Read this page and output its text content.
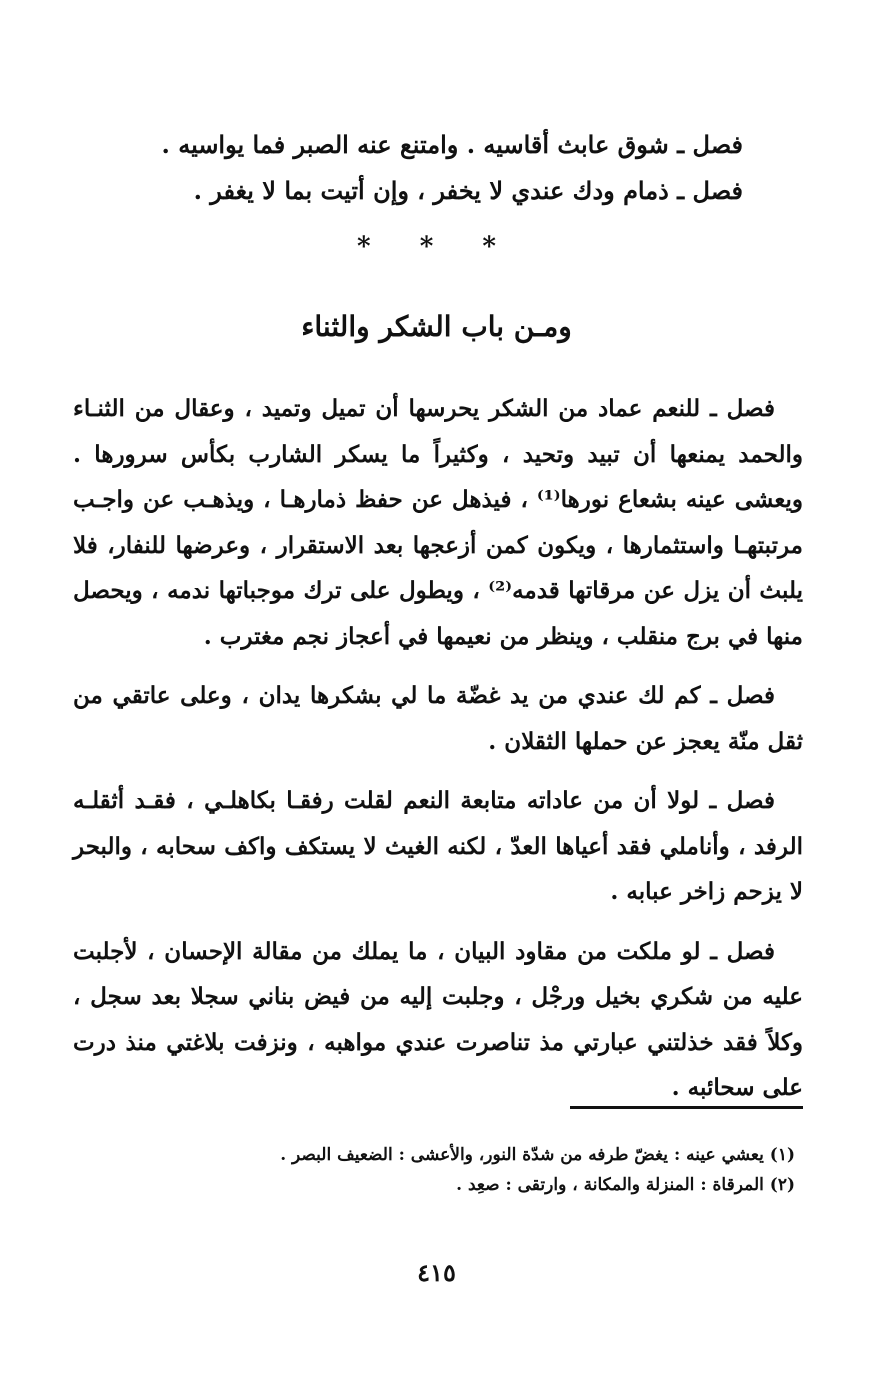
فصل ـ شوق عابث أقاسيه . وامتنع عنه الصبر فما يواسيه .
فصل ـ ذمام ودك عندي لا يخفر ، وإن أتيت بما لا يغفر .
* * *
ومـن باب الشكر والثناء

فصل ـ للنعم عماد من الشكر يحرسها أن تميل وتميد ، وعقال من الثنـاء والحمد يمنعها أن تبيد وتحيد ، وكثيراً ما يسكر الشارب بكأس سرورها . ويعشى عينه بشعاع نورها⁽¹⁾ ، فيذهل عن حفظ ذمارهـا ، ويذهـب عن واجـب مرتبتهـا واستثمارها ، ويكون كمن أزعجها بعد الاستقرار ، وعرضها للنفار، فلا يلبث أن يزل عن مرقاتها قدمه⁽²⁾ ، ويطول على ترك موجباتها ندمه ، ويحصل منها في برج منقلب ، وينظر من نعيمها في أعجاز نجم مغترب .

فصل ـ كم لك عندي من يد غضّة ما لي بشكرها يدان ، وعلى عاتقي من ثقل منّة يعجز عن حملها الثقلان .

فصل ـ لولا أن من عاداته متابعة النعم لقلت رفقـا بكاهلـي ، فقـد أثقلـه الرفد ، وأناملي فقد أعياها العدّ ، لكنه الغيث لا يستكف واكف سحابه ، والبحر لا يزحم زاخر عبابه .

فصل ـ لو ملكت من مقاود البيان ، ما يملك من مقالة الإحسان ، لأجلبت عليه من شكري بخيل ورجْل ، وجلبت إليه من فيض بناني سجلا بعد سجل ، وكلاً فقد خذلتني عبارتي مذ تناصرت عندي مواهبه ، ونزفت بلاغتي منذ درت على سحائبه .

(١) يعشي عينه : يغضّ طرفه من شدّة النور، والأعشى : الضعيف البصر .
(٢) المرقاة : المنزلة والمكانة ، وارتقى : صعِد .
٤١٥
